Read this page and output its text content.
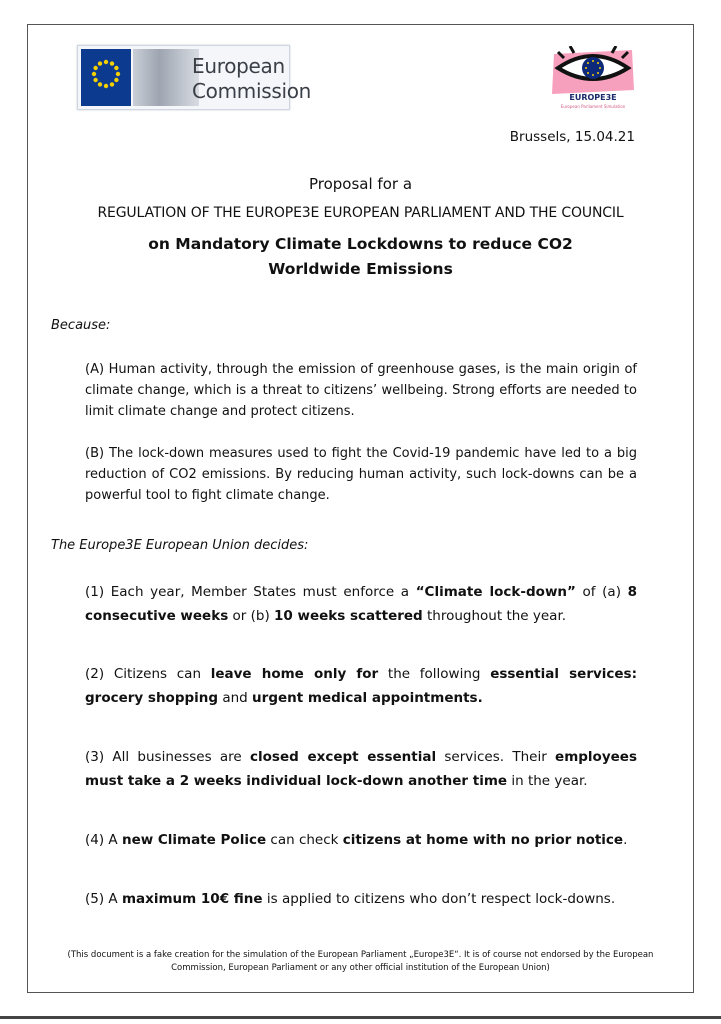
European
Commission	EUROPE3E
European Parliament Simulation
Brussels, 15.04.21
Proposal for a
REGULATION OF THE EUROPE3E EUROPEAN PARLIAMENT AND THE COUNCIL
on Mandatory Climate Lockdowns to reduce CO2
Worldwide Emissions
Because:
(A) Human activity, through the emission of greenhouse gases, is the main origin of climate change, which is a threat to citizens’ wellbeing. Strong efforts are needed to limit climate change and protect citizens.
(B) The lock-down measures used to fight the Covid-19 pandemic have led to a big reduction of CO2 emissions. By reducing human activity, such lock-downs can be a powerful tool to fight climate change.
The Europe3E European Union decides:
(1) Each year, Member States must enforce a “Climate lock-down” of (a) 8 consecutive weeks or (b) 10 weeks scattered throughout the year.
(2) Citizens can leave home only for the following essential services: grocery shopping and urgent medical appointments.
(3) All businesses are closed except essential services. Their employees must take a 2 weeks individual lock-down another time in the year.
(4) A new Climate Police can check citizens at home with no prior notice.
(5) A maximum 10€ fine is applied to citizens who don’t respect lock-downs.
(This document is a fake creation for the simulation of the European Parliament „Europe3E“. It is of course not endorsed by the European Commission, European Parliament or any other official institution of the European Union)
